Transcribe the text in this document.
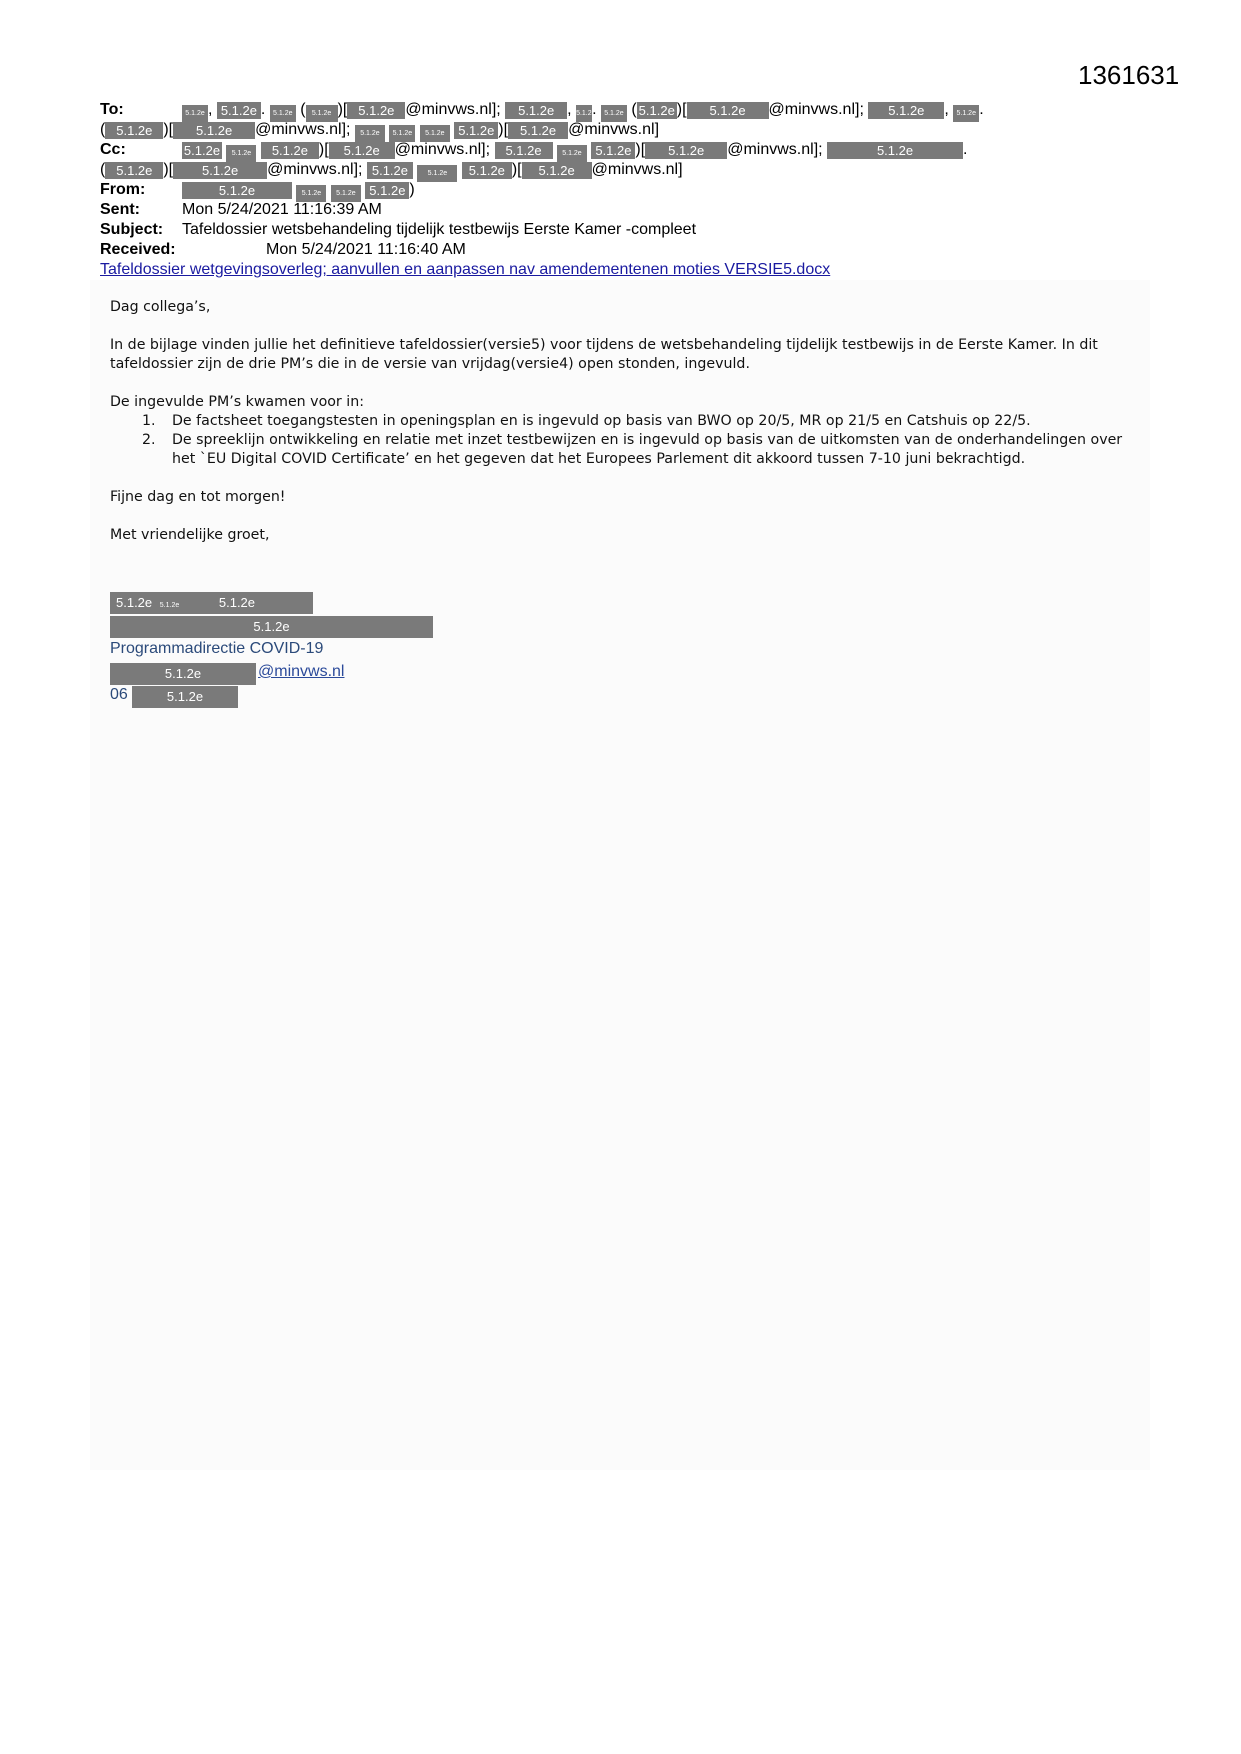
1361631
To:	5.1.2e , 5.1.2e . 5.1.2e ( 5.1.2e )[ 5.1.2e @minvws.nl]; 5.1.2e , 5.1.2e. 5.1.2e ( 5.1.2e )[ 5.1.2e @minvws.nl]; 5.1.2e , 5.1.2e .
( 5.1.2e )[ 5.1.2e @minvws.nl]; 5.1.2e 5.1.2e 5.1.2e 5.1.2e )[ 5.1.2e @minvws.nl]
Cc:	5.1.2e 5.1.2e 5.1.2e )[ 5.1.2e @minvws.nl]; 5.1.2e	5.1.2e 5.1.2e )[ 5.1.2e @minvws.nl];	5.1.2e	.
( 5.1.2e )[ 5.1.2e @minvws.nl]; 5.1.2e	5.1.2e 5.1.2e )[ 5.1.2e @minvws.nl]
From:	5.1.2e	5.1.2e 5.1.2e 5.1.2e )
Sent:	Mon 5/24/2021 11:16:39 AM
Subject: Tafeldossier wetsbehandeling tijdelijk testbewijs Eerste Kamer -compleet
Received:	Mon 5/24/2021 11:16:40 AM
Tafeldossier wetgevingsoverleg; aanvullen en aanpassen nav amendementenen moties VERSIE5.docx

Dag collega’s,

In de bijlage vinden jullie het definitieve tafeldossier(versie5) voor tijdens de wetsbehandeling tijdelijk testbewijs in de Eerste Kamer. In dit tafeldossier zijn de drie PM’s die in de versie van vrijdag(versie4) open stonden, ingevuld.

De ingevulde PM’s kwamen voor in:
1. De factsheet toegangstesten in openingsplan en is ingevuld op basis van BWO op 20/5, MR op 21/5 en Catshuis op 22/5.
2. De spreeklijn ontwikkeling en relatie met inzet testbewijzen en is ingevuld op basis van de uitkomsten van de onderhandelingen over het `EU Digital COVID Certificate’ en het gegeven dat het Europees Parlement dit akkoord tussen 7-10 juni bekrachtigd.

Fijne dag en tot morgen!

Met vriendelijke groet,

5.1.2e 5.1.2e	5.1.2e
5.1.2e
Programmadirectie COVID-19
5.1.2e	@minvws.nl
06	5.1.2e
